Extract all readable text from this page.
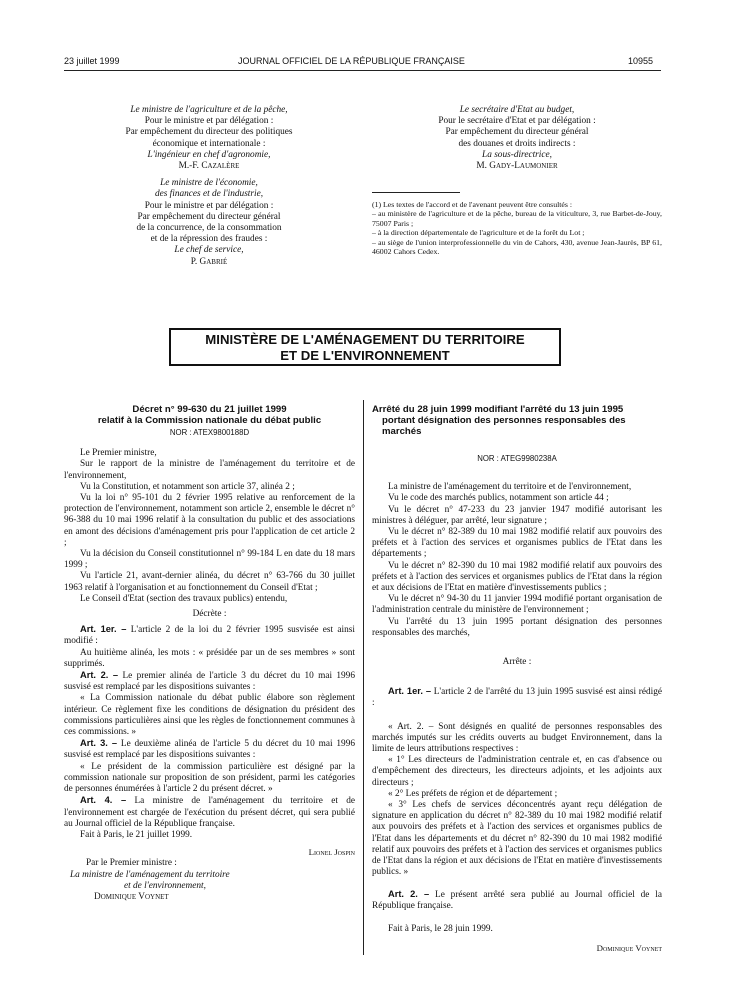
23 juillet 1999	JOURNAL OFFICIEL DE LA RÉPUBLIQUE FRANÇAISE	10955
Le ministre de l'agriculture et de la pêche,
Pour le ministre et par délégation :
Par empêchement du directeur des politiques
économique et internationale :
L'ingénieur en chef d'agronomie,
M.-F. Cazalère
Le ministre de l'économie,
des finances et de l'industrie,
Pour le ministre et par délégation :
Par empêchement du directeur général
de la concurrence, de la consommation
et de la répression des fraudes :
Le chef de service,
P. Gabrié
Le secrétaire d'Etat au budget,
Pour le secrétaire d'Etat et par délégation :
Par empêchement du directeur général
des douanes et droits indirects :
La sous-directrice,
M. Gady-Laumonier
(1) Les textes de l'accord et de l'avenant peuvent être consultés :
– au ministère de l'agriculture et de la pêche, bureau de la viticulture, 3, rue Barbet-de-Jouy, 75007 Paris ;
– à la direction départementale de l'agriculture et de la forêt du Lot ;
– au siège de l'union interprofessionnelle du vin de Cahors, 430, avenue Jean-Jaurès, BP 61, 46002 Cahors Cedex.
MINISTÈRE DE L'AMÉNAGEMENT DU TERRITOIRE
ET DE L'ENVIRONNEMENT
Décret n° 99-630 du 21 juillet 1999
relatif à la Commission nationale du débat public
NOR : ATEX9800188D

Le Premier ministre,

Sur le rapport de la ministre de l'aménagement du territoire et de l'environnement,

Vu la Constitution, et notamment son article 37, alinéa 2 ;

Vu la loi n° 95-101 du 2 février 1995 relative au renforcement de la protection de l'environnement, notamment son article 2, ensemble le décret n° 96-388 du 10 mai 1996 relatif à la consultation du public et des associations en amont des décisions d'aménagement pris pour l'application de cet article 2 ;

Vu la décision du Conseil constitutionnel n° 99-184 L en date du 18 mars 1999 ;

Vu l'article 21, avant-dernier alinéa, du décret n° 63-766 du 30 juillet 1963 relatif à l'organisation et au fonctionnement du Conseil d'Etat ;

Le Conseil d'Etat (section des travaux publics) entendu,

Décrète :

Art. 1er. – L'article 2 de la loi du 2 février 1995 susvisée est ainsi modifié :

Au huitième alinéa, les mots : « présidée par un de ses membres » sont supprimés.

Art. 2. – Le premier alinéa de l'article 3 du décret du 10 mai 1996 susvisé est remplacé par les dispositions suivantes :

« La Commission nationale du débat public élabore son règlement intérieur. Ce règlement fixe les conditions de désignation du président des commissions particulières ainsi que les règles de fonctionnement communes à ces commissions. »

Art. 3. – Le deuxième alinéa de l'article 5 du décret du 10 mai 1996 susvisé est remplacé par les dispositions suivantes :

« Le président de la commission particulière est désigné par la commission nationale sur proposition de son président, parmi les catégories de personnes énumérées à l'article 2 du présent décret. »

Art. 4. – La ministre de l'aménagement du territoire et de l'environnement est chargée de l'exécution du présent décret, qui sera publié au Journal officiel de la République française.

Fait à Paris, le 21 juillet 1999.

Lionel Jospin
Par le Premier ministre :
La ministre de l'aménagement du territoire
et de l'environnement,
Dominique Voynet
Arrêté du 28 juin 1999 modifiant l'arrêté du 13 juin 1995
portant désignation des personnes responsables des
marchés
NOR : ATEG9980238A

La ministre de l'aménagement du territoire et de l'environnement,

Vu le code des marchés publics, notamment son article 44 ;

Vu le décret n° 47-233 du 23 janvier 1947 modifié autorisant les ministres à déléguer, par arrêté, leur signature ;

Vu le décret n° 82-389 du 10 mai 1982 modifié relatif aux pouvoirs des préfets et à l'action des services et organismes publics de l'Etat dans les départements ;

Vu le décret n° 82-390 du 10 mai 1982 modifié relatif aux pouvoirs des préfets et à l'action des services et organismes publics de l'Etat dans la région et aux décisions de l'Etat en matière d'investissements publics ;

Vu le décret n° 94-30 du 11 janvier 1994 modifié portant organisation de l'administration centrale du ministère de l'environnement ;

Vu l'arrêté du 13 juin 1995 portant désignation des personnes responsables des marchés,

Arrête :

Art. 1er. – L'article 2 de l'arrêté du 13 juin 1995 susvisé est ainsi rédigé :

« Art. 2. – Sont désignés en qualité de personnes responsables des marchés imputés sur les crédits ouverts au budget Environnement, dans la limite de leurs attributions respectives :

« 1° Les directeurs de l'administration centrale et, en cas d'absence ou d'empêchement des directeurs, les directeurs adjoints, et les adjoints aux directeurs ;

« 2° Les préfets de région et de département ;

« 3° Les chefs de services déconcentrés ayant reçu délégation de signature en application du décret n° 82-389 du 10 mai 1982 modifié relatif aux pouvoirs des préfets et à l'action des services et organismes publics de l'Etat dans les départements et du décret n° 82-390 du 10 mai 1982 modifié relatif aux pouvoirs des préfets et à l'action des services et organismes publics de l'Etat dans la région et aux décisions de l'Etat en matière d'investissements publics. »

Art. 2. – Le présent arrêté sera publié au Journal officiel de la République française.

Fait à Paris, le 28 juin 1999.

Dominique Voynet
